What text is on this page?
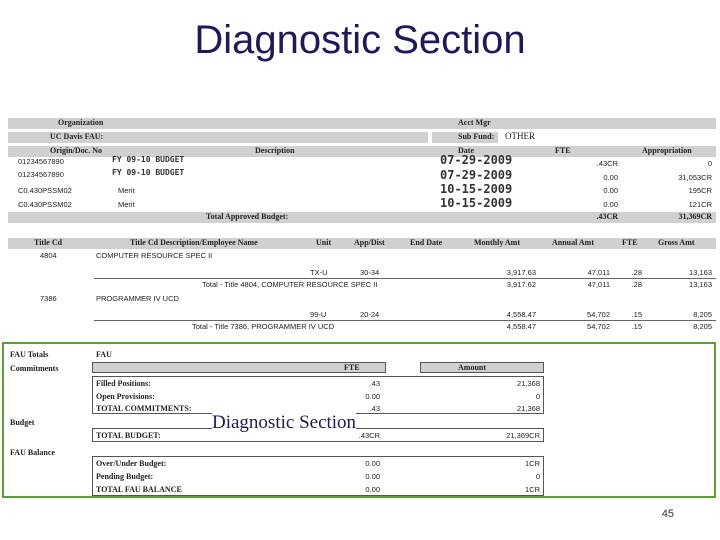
Diagnostic Section
Organization	Acct Mgr
UC Davis FAU:	Sub Fund: OTHER
Origin/Doc. No	Description	Date	FTE	Appropriation
01234567890	FY 09-10 BUDGET	07-29-2009	.43CR	0
01234567890	FY 09-10 BUDGET	07-29-2009	0.00	31,053CR
C0.430PSSM02	Merit	10-15-2009	0.00	195CR
C0.430PSSM02	Merit	10-15-2009	0.00	121CR
Total Approved Budget:	.43CR	31,369CR
Title Cd	Title Cd Description/Employee Name	Unit	App/Dist	End Date	Monthly Amt	Annual Amt	FTE	Gross Amt
4804	COMPUTER RESOURCE SPEC II
TX-U	30-34	3,917.63	47,011	.28	13,163
Total - Title 4804, COMPUTER RESOURCE SPEC II	3,917.62	47,011	.28	13,163
7386	PROGRAMMER IV UCD
99-U	20-24	4,558.47	54,702	.15	8,205
Total - Title 7386, PROGRAMMER IV UCD	4,558.47	54,702	.15	8,205
FAU Totals	FAU
Commitments
Budget
FAU Balance
FTE	Amount
Filled Positions:	.43	21,368
Open Provisions:	0.00	0
TOTAL COMMITMENTS:	.43	21,368
TOTAL BUDGET:	.43CR	21,369CR
Over/Under Budget:	0.00	1CR
Pending Budget:	0.00	0
TOTAL FAU BALANCE	0.00	1CR
Diagnostic Section
45
